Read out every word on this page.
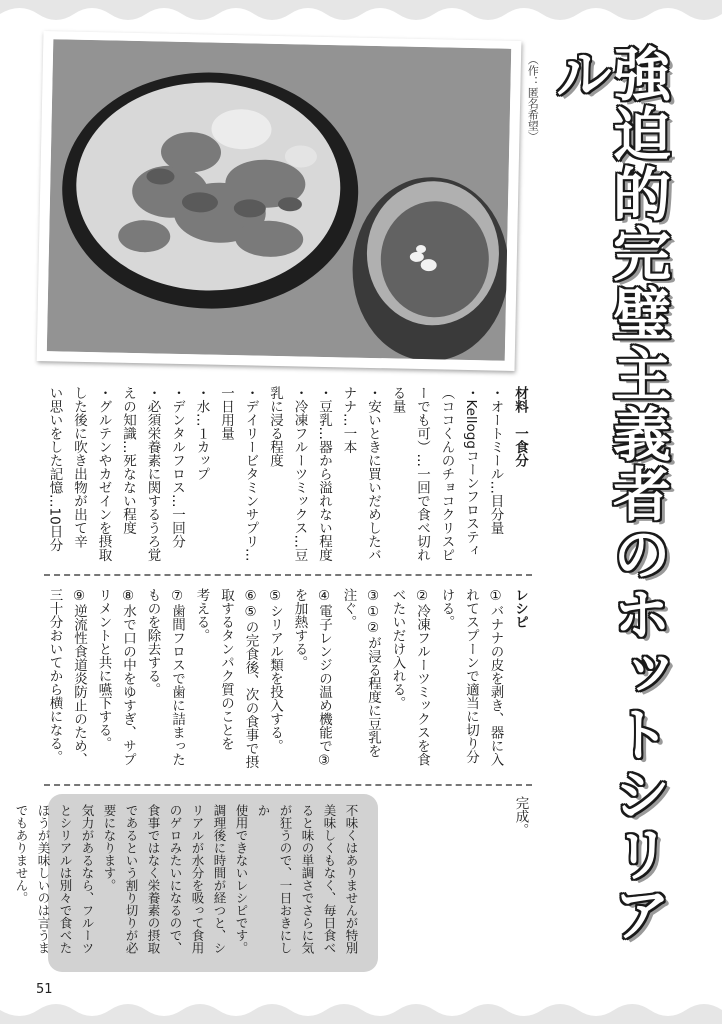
強迫的完璧主義者のホットシリアル

（作：匿名希望）

材料　一食分
・オートミール…目分量
・Kelloggコーンフロスティ
（ココくんのチョコクリスピ
ーでも可）…一回で食べ切れ
る量
・安いときに買いだめしたバ
ナナ…一本
・豆乳…器から溢れない程度
・冷凍フルーツミックス…豆
乳に浸る程度
・デイリービタミンサプリ…
一日用量
・水…１カップ
・デンタルフロス…一回分
・必須栄養素に関するうろ覚
えの知識…死なない程度
・グルテンやカゼインを摂取
した後に吹き出物が出て辛
い思いをした記憶…10日分
レシピ
①バナナの皮を剥き、器に入
れてスプーンで適当に切り分
ける。
②冷凍フルーツミックスを食
べたいだけ入れる。
③①②が浸る程度に豆乳を
注ぐ。
④電子レンジの温め機能で③
を加熱する。
⑤シリアル類を投入する。
⑥⑤の完食後、次の食事で摂
取するタンパク質のことを
考える。
⑦歯間フロスで歯に詰まった
ものを除去する。
⑧水で口の中をゆすぎ、サプ
リメントと共に嚥下する。
⑨逆流性食道炎防止のため、
三十分おいてから横になる。

完成。

不味くはありませんが特別
美味しくもなく、毎日食べ
ると味の単調さでさらに気
が狂うので、一日おきにしか
使用できないレシピです。
調理後に時間が経つと、シ
リアルが水分を吸って食用
のゲロみたいになるので、
食事ではなく栄養素の摂取
であるという割り切りが必
要になります。
気力があるなら、フルーツ
とシリアルは別々で食べた
ほうが美味しいのは言うま
でもありません。

51
